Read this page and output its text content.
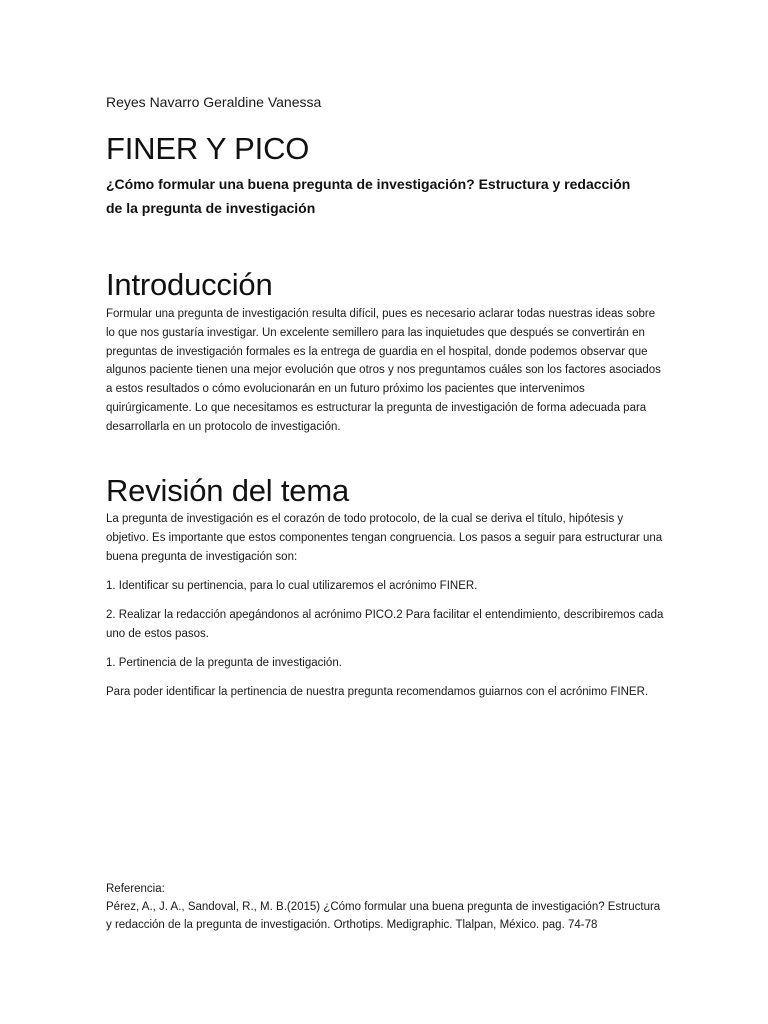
Reyes Navarro Geraldine Vanessa
FINER Y PICO
¿Cómo formular una buena pregunta de investigación? Estructura y redacción de la pregunta de investigación
Introducción
Formular una pregunta de investigación resulta difícil, pues es necesario aclarar todas nuestras ideas sobre lo que nos gustaría investigar. Un excelente semillero para las inquietudes que después se convertirán en preguntas de investigación formales es la entrega de guardia en el hospital, donde podemos observar que algunos paciente tienen una mejor evolución que otros y nos preguntamos cuáles son los factores asociados a estos resultados o cómo evolucionarán en un futuro próximo los pacientes que intervenimos quirúrgicamente. Lo que necesitamos es estructurar la pregunta de investigación de forma adecuada para desarrollarla en un protocolo de investigación.
Revisión del tema
La pregunta de investigación es el corazón de todo protocolo, de la cual se deriva el título, hipótesis y objetivo. Es importante que estos componentes tengan congruencia. Los pasos a seguir para estructurar una buena pregunta de investigación son:
1. Identificar su pertinencia, para lo cual utilizaremos el acrónimo FINER.
2. Realizar la redacción apegándonos al acrónimo PICO.2 Para facilitar el entendimiento, describiremos cada uno de estos pasos.
1. Pertinencia de la pregunta de investigación.
Para poder identificar la pertinencia de nuestra pregunta recomendamos guiarnos con el acrónimo FINER.
Referencia:
Pérez, A., J. A., Sandoval, R., M. B.(2015) ¿Cómo formular una buena pregunta de investigación? Estructura y redacción de la pregunta de investigación. Orthotips. Medigraphic. Tlalpan, México. pag. 74-78
